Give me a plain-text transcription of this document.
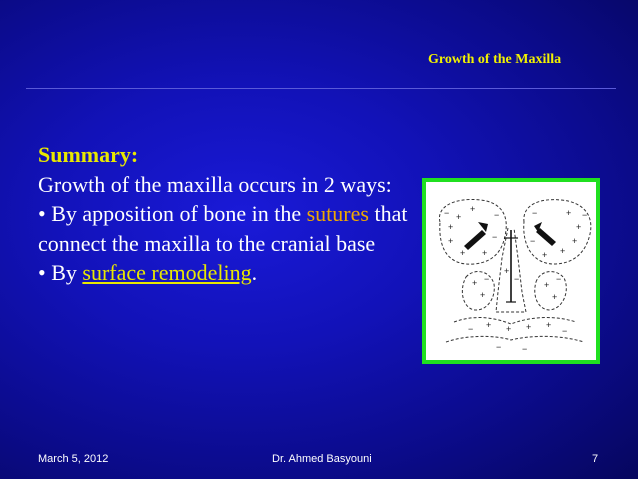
Growth of the Maxilla
Summary:
Growth of the maxilla occurs in 2 ways:
• By apposition of bone in the sutures that connect the maxilla to the cranial base
• By surface remodeling.
+
+
+
+
+ +
−
−
−	+
+
+
+
+
−
−	−
+
+
−
+
+
−
+
−
+ + + +
−	−
− −
March 5, 2012	Dr. Ahmed Basyouni	7
